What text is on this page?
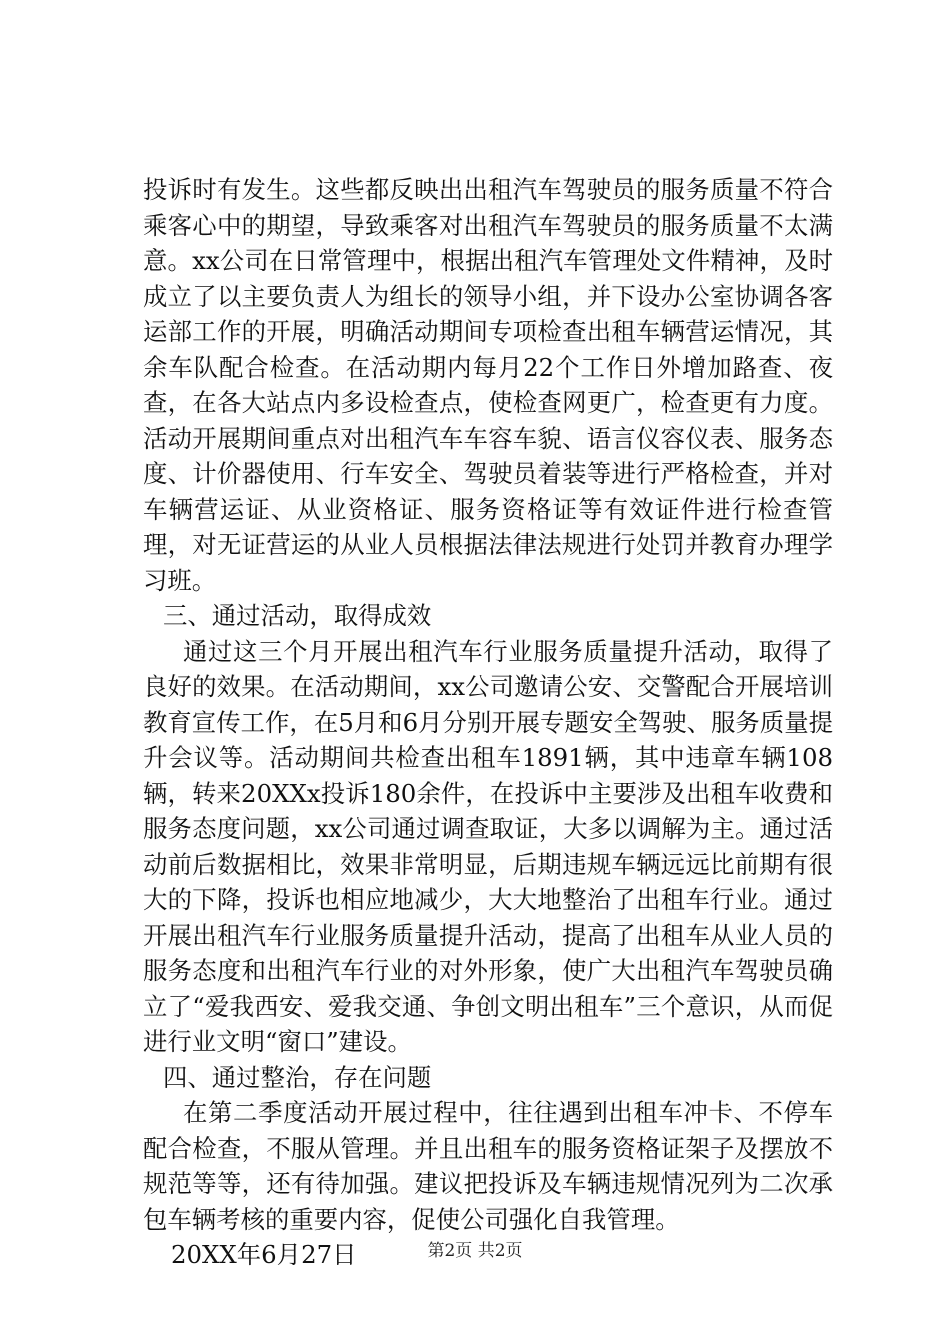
投诉时有发生。这些都反映出出租汽车驾驶员的服务质量不符合乘客心中的期望，导致乘客对出租汽车驾驶员的服务质量不太满意。xx公司在日常管理中，根据出租汽车管理处文件精神，及时成立了以主要负责人为组长的领导小组，并下设办公室协调各客运部工作的开展，明确活动期间专项检查出租车辆营运情况，其余车队配合检查。在活动期内每月22个工作日外增加路查、夜查，在各大站点内多设检查点，使检查网更广，检查更有力度。活动开展期间重点对出租汽车车容车貌、语言仪容仪表、服务态度、计价器使用、行车安全、驾驶员着装等进行严格检查，并对车辆营运证、从业资格证、服务资格证等有效证件进行检查管理，对无证营运的从业人员根据法律法规进行处罚并教育办理学习班。

三、通过活动，取得成效

通过这三个月开展出租汽车行业服务质量提升活动，取得了良好的效果。在活动期间，xx公司邀请公安、交警配合开展培训教育宣传工作，在5月和6月分别开展专题安全驾驶、服务质量提升会议等。活动期间共检查出租车1891辆，其中违章车辆108辆，转来20XXx投诉180余件，在投诉中主要涉及出租车收费和服务态度问题，xx公司通过调查取证，大多以调解为主。通过活动前后数据相比，效果非常明显，后期违规车辆远远比前期有很大的下降，投诉也相应地减少，大大地整治了出租车行业。通过开展出租汽车行业服务质量提升活动，提高了出租车从业人员的服务态度和出租汽车行业的对外形象，使广大出租汽车驾驶员确立了“爱我西安、爱我交通、争创文明出租车”三个意识，从而促进行业文明“窗口”建设。

四、通过整治，存在问题

在第二季度活动开展过程中，往往遇到出租车冲卡、不停车配合检查，不服从管理。并且出租车的服务资格证架子及摆放不规范等等，还有待加强。建议把投诉及车辆违规情况列为二次承包车辆考核的重要内容，促使公司强化自我管理。

20XX年6月27日	第2页 共2页
